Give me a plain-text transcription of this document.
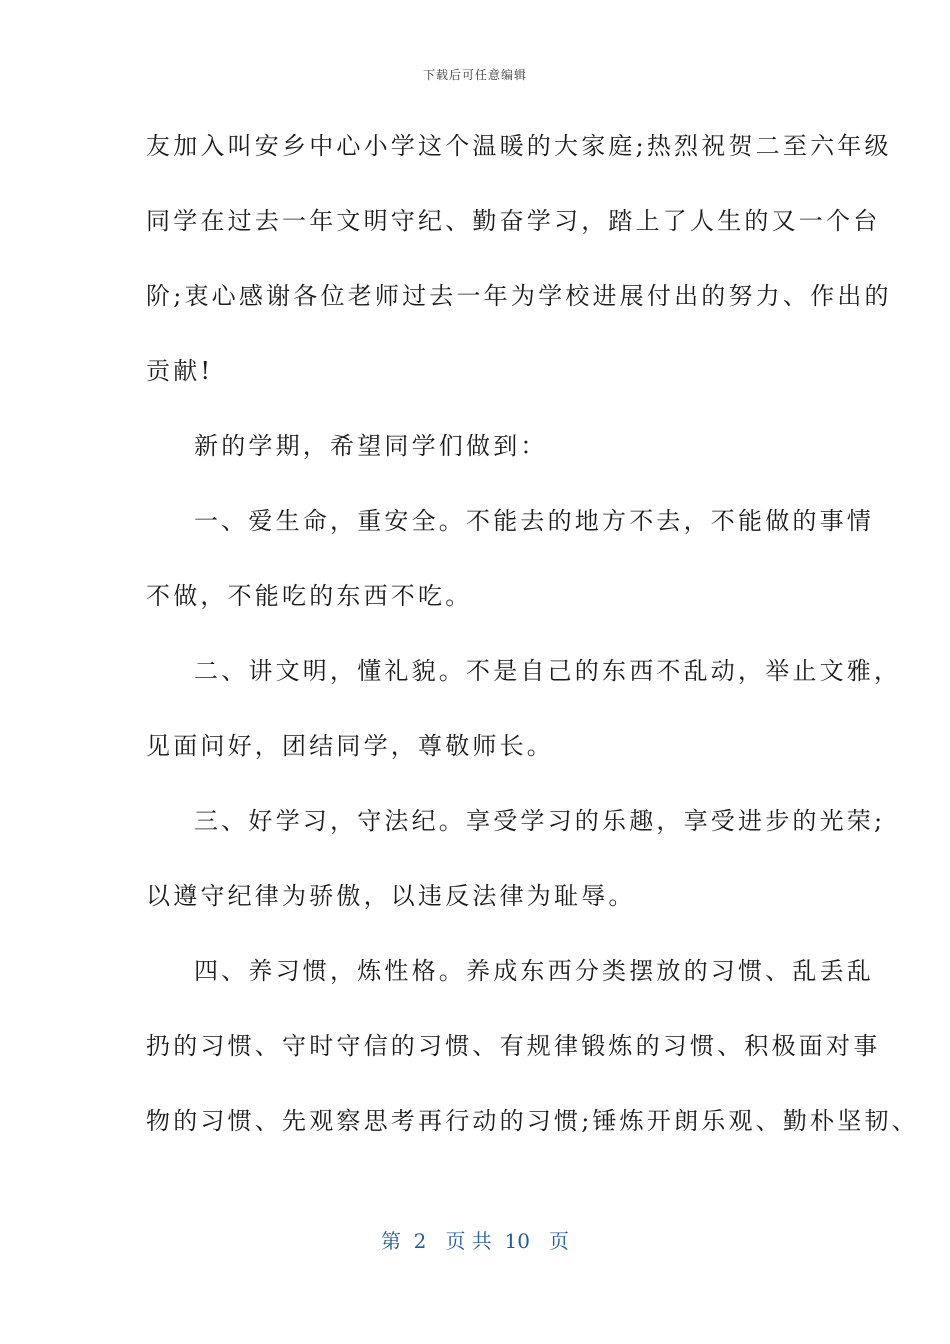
下载后可任意编辑
友加入叫安乡中心小学这个温暖的大家庭;热烈祝贺二至六年级
同学在过去一年文明守纪、勤奋学习，踏上了人生的又一个台
阶;衷心感谢各位老师过去一年为学校进展付出的努力、作出的
贡献!
新的学期，希望同学们做到：
一、爱生命，重安全。不能去的地方不去，不能做的事情
不做，不能吃的东西不吃。
二、讲文明，懂礼貌。不是自己的东西不乱动，举止文雅，
见面问好，团结同学，尊敬师长。
三、好学习，守法纪。享受学习的乐趣，享受进步的光荣;
以遵守纪律为骄傲，以违反法律为耻辱。
四、养习惯，炼性格。养成东西分类摆放的习惯、乱丢乱
扔的习惯、守时守信的习惯、有规律锻炼的习惯、积极面对事
物的习惯、先观察思考再行动的习惯;锤炼开朗乐观、勤朴坚韧、
第  2   页 共  10   页
